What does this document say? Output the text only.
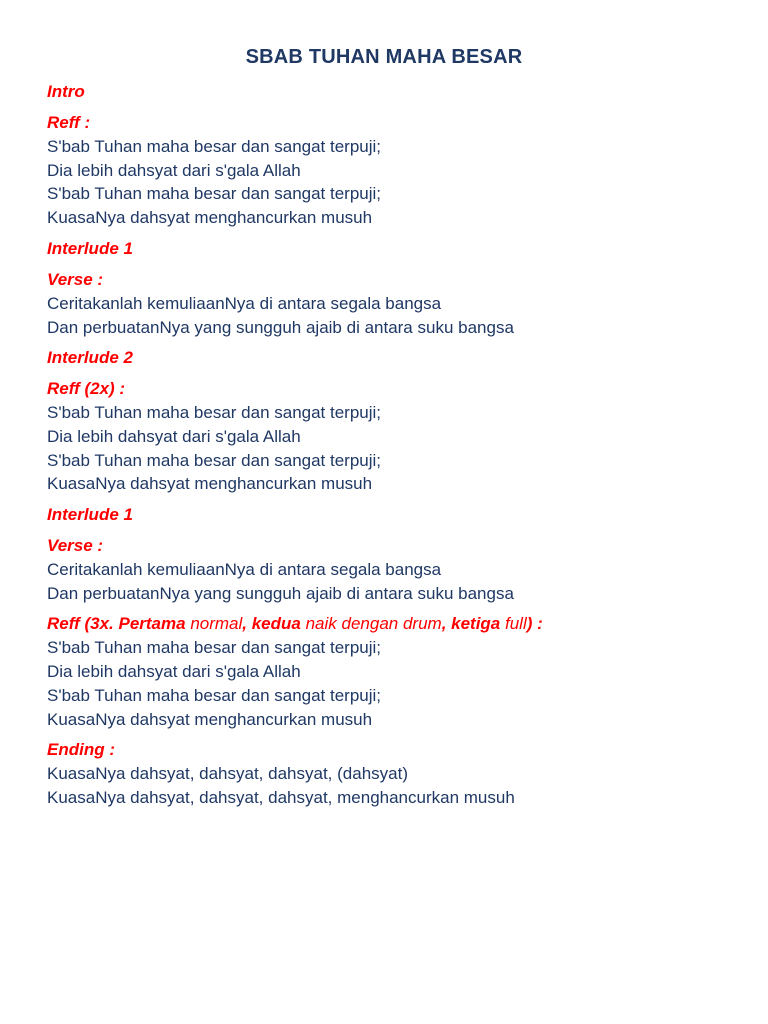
SBAB TUHAN MAHA BESAR
Intro
Reff :
S'bab Tuhan maha besar dan sangat terpuji;
Dia lebih dahsyat dari s'gala Allah
S'bab Tuhan maha besar dan sangat terpuji;
KuasaNya dahsyat menghancurkan musuh
Interlude 1
Verse :
Ceritakanlah kemuliaanNya di antara segala bangsa
Dan perbuatanNya yang sungguh ajaib di antara suku bangsa
Interlude 2
Reff (2x) :
S'bab Tuhan maha besar dan sangat terpuji;
Dia lebih dahsyat dari s'gala Allah
S'bab Tuhan maha besar dan sangat terpuji;
KuasaNya dahsyat menghancurkan musuh
Interlude 1
Verse :
Ceritakanlah kemuliaanNya di antara segala bangsa
Dan perbuatanNya yang sungguh ajaib di antara suku bangsa
Reff (3x. Pertama normal, kedua naik dengan drum, ketiga full) :
S'bab Tuhan maha besar dan sangat terpuji;
Dia lebih dahsyat dari s'gala Allah
S'bab Tuhan maha besar dan sangat terpuji;
KuasaNya dahsyat menghancurkan musuh
Ending :
KuasaNya dahsyat, dahsyat, dahsyat, (dahsyat)
KuasaNya dahsyat, dahsyat, dahsyat, menghancurkan musuh
